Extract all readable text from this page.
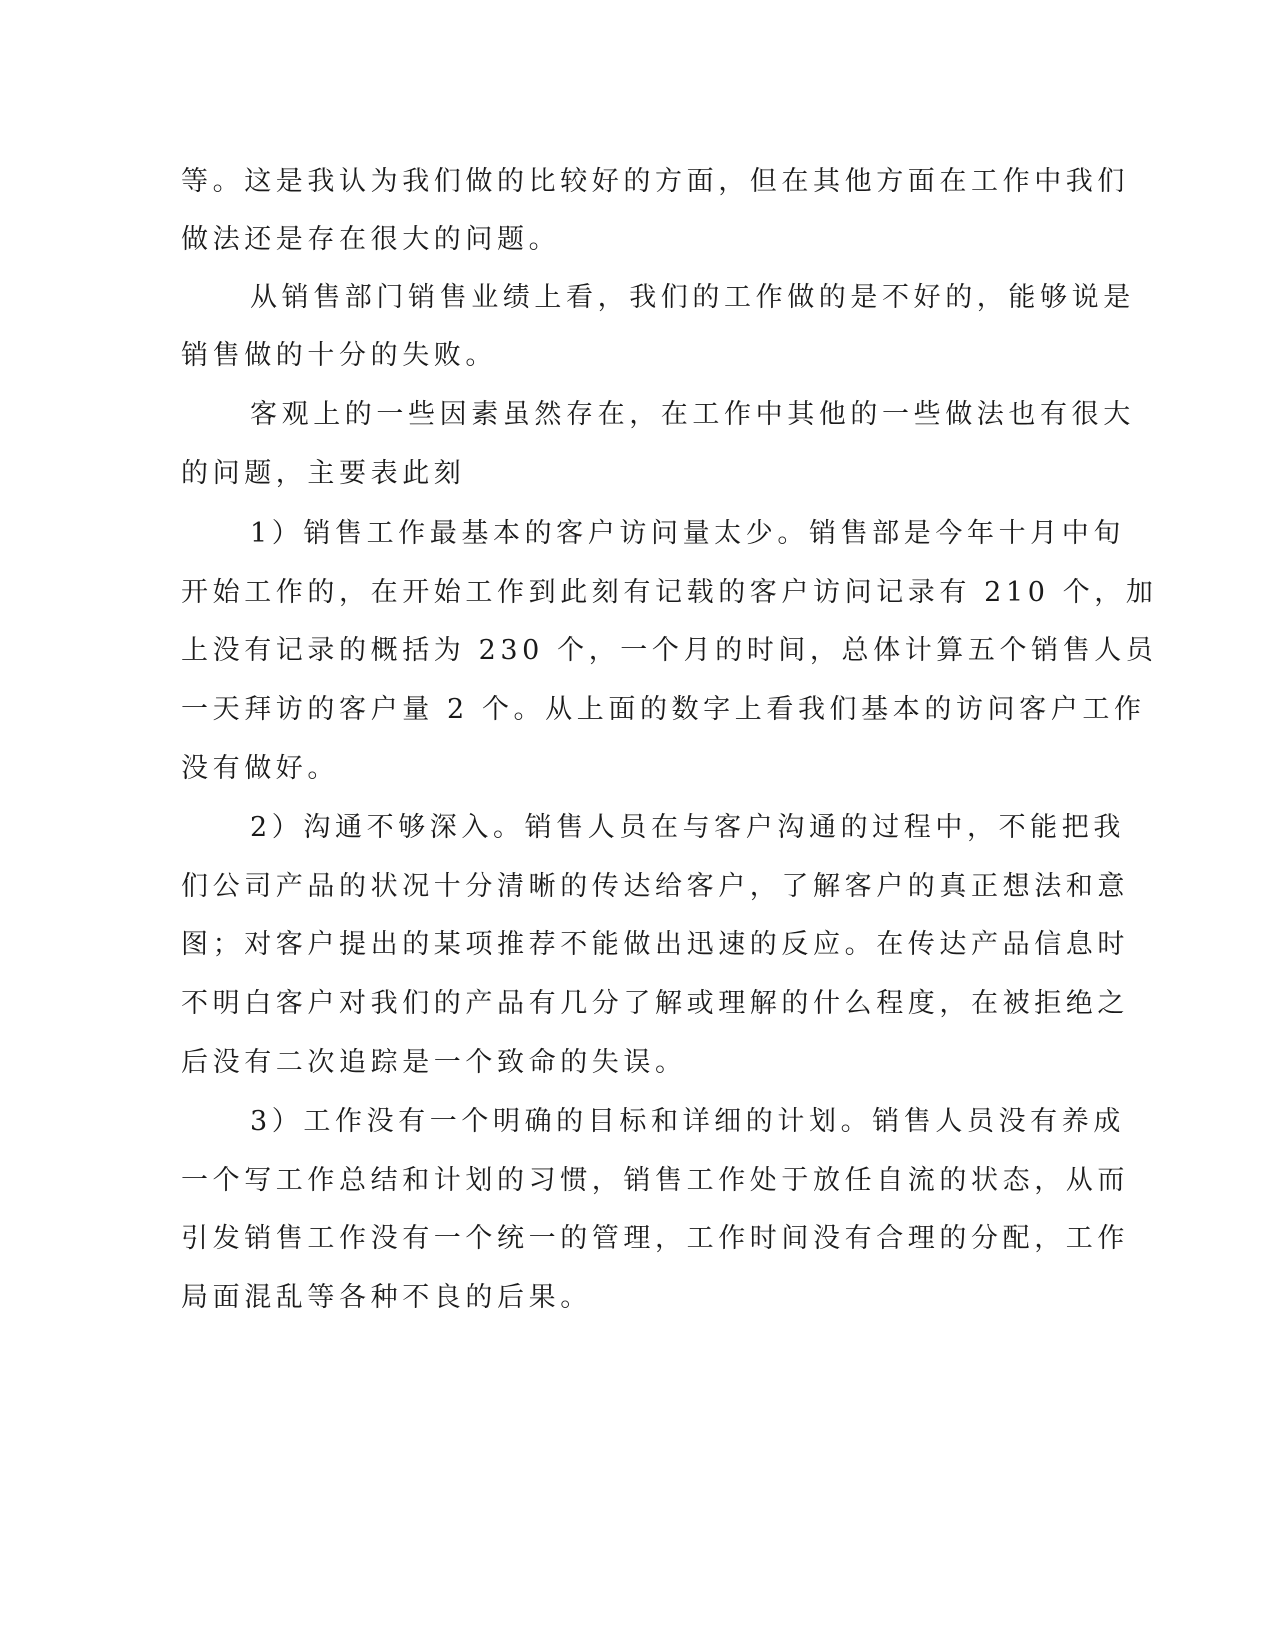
等。这是我认为我们做的比较好的方面，但在其他方面在工作中我们

做法还是存在很大的问题。

从销售部门销售业绩上看，我们的工作做的是不好的，能够说是

销售做的十分的失败。

客观上的一些因素虽然存在，在工作中其他的一些做法也有很大

的问题，主要表此刻

1）销售工作最基本的客户访问量太少。销售部是今年十月中旬

开始工作的，在开始工作到此刻有记载的客户访问记录有 210 个，加

上没有记录的概括为 230 个，一个月的时间，总体计算五个销售人员

一天拜访的客户量 2 个。从上面的数字上看我们基本的访问客户工作

没有做好。

2）沟通不够深入。销售人员在与客户沟通的过程中，不能把我

们公司产品的状况十分清晰的传达给客户，了解客户的真正想法和意

图；对客户提出的某项推荐不能做出迅速的反应。在传达产品信息时

不明白客户对我们的产品有几分了解或理解的什么程度，在被拒绝之

后没有二次追踪是一个致命的失误。

3）工作没有一个明确的目标和详细的计划。销售人员没有养成

一个写工作总结和计划的习惯，销售工作处于放任自流的状态，从而

引发销售工作没有一个统一的管理，工作时间没有合理的分配，工作

局面混乱等各种不良的后果。
